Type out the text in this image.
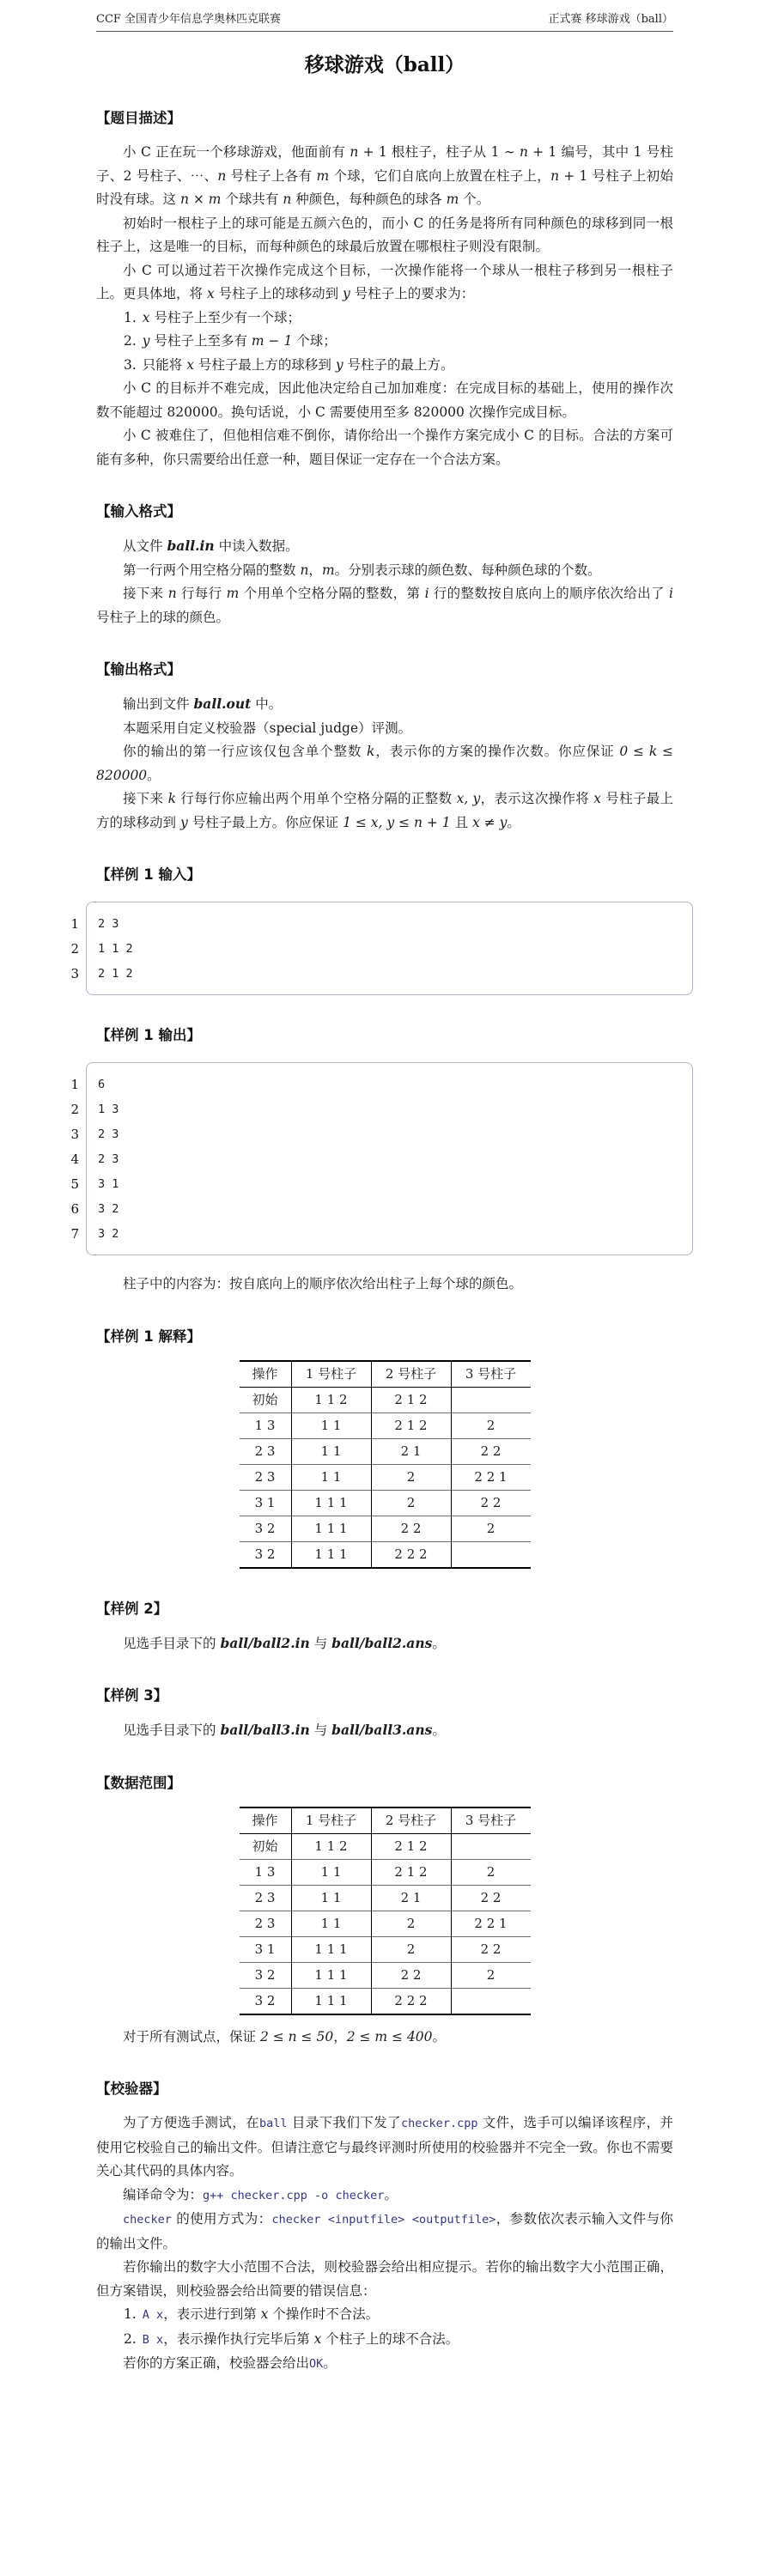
CCF 全国青少年信息学奥林匹克联赛	正式赛 移球游戏（ball）
移球游戏（ball）
【题目描述】
小 C 正在玩一个移球游戏，他面前有 n + 1 根柱子，柱子从 1 ∼ n + 1 编号，其中 1 号柱子、2 号柱子、⋯、n 号柱子上各有 m 个球，它们自底向上放置在柱子上，n + 1 号柱子上初始时没有球。这 n × m 个球共有 n 种颜色，每种颜色的球各 m 个。
初始时一根柱子上的球可能是五颜六色的，而小 C 的任务是将所有同种颜色的球移到同一根柱子上，这是唯一的目标，而每种颜色的球最后放置在哪根柱子则没有限制。
小 C 可以通过若干次操作完成这个目标，一次操作能将一个球从一根柱子移到另一根柱子上。更具体地，将 x 号柱子上的球移动到 y 号柱子上的要求为：
1. x 号柱子上至少有一个球；
2. y 号柱子上至多有 m − 1 个球；
3. 只能将 x 号柱子最上方的球移到 y 号柱子的最上方。
小 C 的目标并不难完成，因此他决定给自己加加难度：在完成目标的基础上，使用的操作次数不能超过 820000。换句话说，小 C 需要使用至多 820000 次操作完成目标。
小 C 被难住了，但他相信难不倒你，请你给出一个操作方案完成小 C 的目标。合法的方案可能有多种，你只需要给出任意一种，题目保证一定存在一个合法方案。
【输入格式】
从文件 ball.in 中读入数据。
第一行两个用空格分隔的整数 n，m。分别表示球的颜色数、每种颜色球的个数。
接下来 n 行每行 m 个用单个空格分隔的整数，第 i 行的整数按自底向上的顺序依次给出了 i 号柱子上的球的颜色。
【输出格式】
输出到文件 ball.out 中。
本题采用自定义校验器（special judge）评测。
你的输出的第一行应该仅包含单个整数 k，表示你的方案的操作次数。你应保证 0 ≤ k ≤ 820000。
接下来 k 行每行你应输出两个用单个空格分隔的正整数 x, y，表示这次操作将 x 号柱子最上方的球移动到 y 号柱子最上方。你应保证 1 ≤ x, y ≤ n + 1 且 x ≠ y。
【样例 1 输入】
1	2 3
2	1 1 2
3	2 1 2
【样例 1 输出】
1	6
2	1 3
3	2 3
4	2 3
5	3 1
6	3 2
7	3 2
柱子中的内容为：按自底向上的顺序依次给出柱子上每个球的颜色。
【样例 1 解释】
操作	1 号柱子	2 号柱子	3 号柱子
初始	1 1 2	2 1 2	
1 3	1 1	2 1 2	2
2 3	1 1	2 1	2 2
2 3	1 1	2	2 2 1
3 1	1 1 1	2	2 2
3 2	1 1 1	2 2	2
3 2	1 1 1	2 2 2	
【样例 2】
见选手目录下的 ball/ball2.in 与 ball/ball2.ans。
【样例 3】
见选手目录下的 ball/ball3.in 与 ball/ball3.ans。
【数据范围】
操作	1 号柱子	2 号柱子	3 号柱子
初始	1 1 2	2 1 2	
1 3	1 1	2 1 2	2
2 3	1 1	2 1	2 2
2 3	1 1	2	2 2 1
3 1	1 1 1	2	2 2
3 2	1 1 1	2 2	2
3 2	1 1 1	2 2 2	
对于所有测试点，保证 2 ≤ n ≤ 50，2 ≤ m ≤ 400。
【校验器】
为了方便选手测试，在ball 目录下我们下发了checker.cpp 文件，选手可以编译该程序，并使用它校验自己的输出文件。但请注意它与最终评测时所使用的校验器并不完全一致。你也不需要关心其代码的具体内容。
编译命令为：g++ checker.cpp -o checker。
checker 的使用方式为：checker <inputfile> <outputfile>，参数依次表示输入文件与你的输出文件。
若你输出的数字大小范围不合法，则校验器会给出相应提示。若你的输出数字大小范围正确，但方案错误，则校验器会给出简要的错误信息：
1. A x，表示进行到第 x 个操作时不合法。
2. B x，表示操作执行完毕后第 x 个柱子上的球不合法。
若你的方案正确，校验器会给出OK。
